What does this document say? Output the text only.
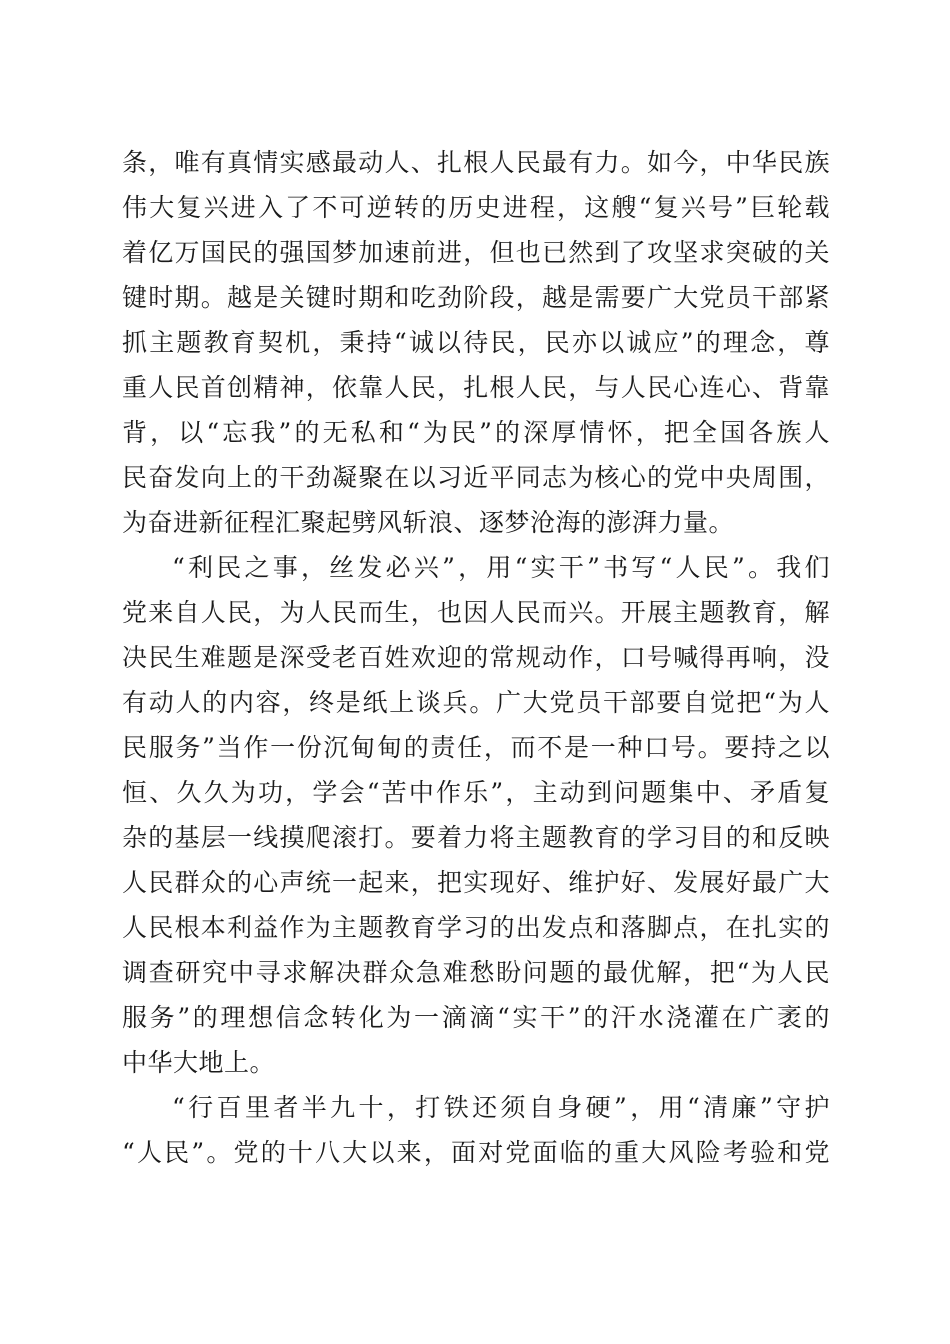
条，唯有真情实感最动人、扎根人民最有力。如今，中华民族
伟大复兴进入了不可逆转的历史进程，这艘“复兴号”巨轮载
着亿万国民的强国梦加速前进，但也已然到了攻坚求突破的关
键时期。越是关键时期和吃劲阶段，越是需要广大党员干部紧
抓主题教育契机，秉持“诚以待民，民亦以诚应”的理念，尊
重人民首创精神，依靠人民，扎根人民，与人民心连心、背靠
背，以“忘我”的无私和“为民”的深厚情怀，把全国各族人
民奋发向上的干劲凝聚在以习近平同志为核心的党中央周围，
为奋进新征程汇聚起劈风斩浪、逐梦沧海的澎湃力量。
“利民之事，丝发必兴”，用“实干”书写“人民”。我们
党来自人民，为人民而生，也因人民而兴。开展主题教育，解
决民生难题是深受老百姓欢迎的常规动作，口号喊得再响，没
有动人的内容，终是纸上谈兵。广大党员干部要自觉把“为人
民服务”当作一份沉甸甸的责任，而不是一种口号。要持之以
恒、久久为功，学会“苦中作乐”，主动到问题集中、矛盾复
杂的基层一线摸爬滚打。要着力将主题教育的学习目的和反映
人民群众的心声统一起来，把实现好、维护好、发展好最广大
人民根本利益作为主题教育学习的出发点和落脚点，在扎实的
调查研究中寻求解决群众急难愁盼问题的最优解，把“为人民
服务”的理想信念转化为一滴滴“实干”的汗水浇灌在广袤的
中华大地上。
“行百里者半九十，打铁还须自身硬”，用“清廉”守护
“人民”。党的十八大以来，面对党面临的重大风险考验和党
